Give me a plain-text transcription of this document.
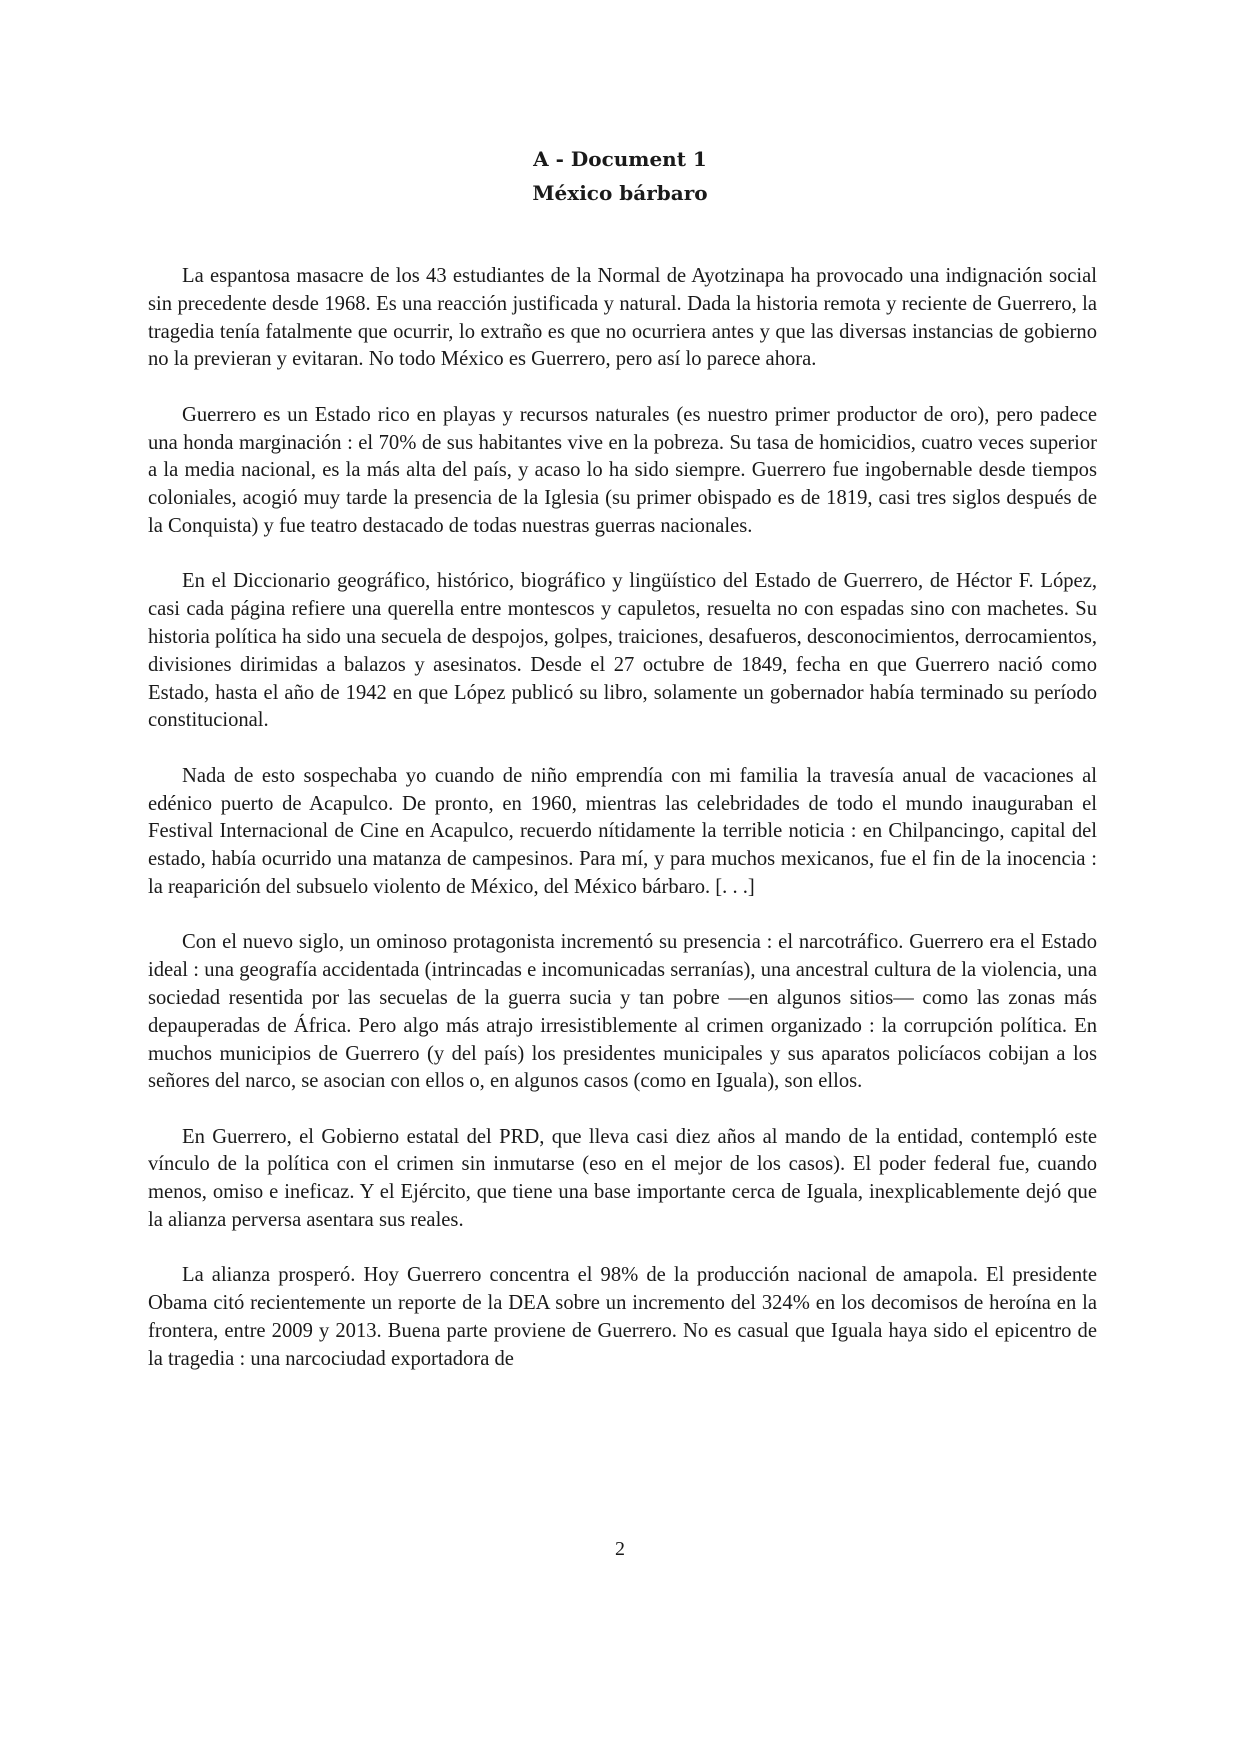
A - Document 1

México bárbaro

La espantosa masacre de los 43 estudiantes de la Normal de Ayotzinapa ha provocado una indignación social sin precedente desde 1968. Es una reacción justificada y natural. Dada la historia remota y reciente de Guerrero, la tragedia tenía fatalmente que ocurrir, lo extraño es que no ocurriera antes y que las diversas instancias de gobierno no la previeran y evitaran. No todo México es Guerrero, pero así lo parece ahora.

Guerrero es un Estado rico en playas y recursos naturales (es nuestro primer productor de oro), pero padece una honda marginación : el 70% de sus habitantes vive en la pobreza. Su tasa de homicidios, cuatro veces superior a la media nacional, es la más alta del país, y acaso lo ha sido siempre. Guerrero fue ingobernable desde tiempos coloniales, acogió muy tarde la presencia de la Iglesia (su primer obispado es de 1819, casi tres siglos después de la Conquista) y fue teatro destacado de todas nuestras guerras nacionales.

En el Diccionario geográfico, histórico, biográfico y lingüístico del Estado de Guerrero, de Héctor F. López, casi cada página refiere una querella entre montescos y capuletos, resuelta no con espadas sino con machetes. Su historia política ha sido una secuela de despojos, golpes, traiciones, desafueros, desconocimientos, derrocamientos, divisiones dirimidas a balazos y asesinatos. Desde el 27 octubre de 1849, fecha en que Guerrero nació como Estado, hasta el año de 1942 en que López publicó su libro, solamente un gobernador había terminado su período constitucional.

Nada de esto sospechaba yo cuando de niño emprendía con mi familia la travesía anual de vacaciones al edénico puerto de Acapulco. De pronto, en 1960, mientras las celebridades de todo el mundo inauguraban el Festival Internacional de Cine en Acapulco, recuerdo nítidamente la terrible noticia : en Chilpancingo, capital del estado, había ocurrido una matanza de campesinos. Para mí, y para muchos mexicanos, fue el fin de la inocencia : la reaparición del subsuelo violento de México, del México bárbaro. [. . .]

Con el nuevo siglo, un ominoso protagonista incrementó su presencia : el narcotráfico. Guerrero era el Estado ideal : una geografía accidentada (intrincadas e incomunicadas serranías), una ancestral cultura de la violencia, una sociedad resentida por las secuelas de la guerra sucia y tan pobre —en algunos sitios— como las zonas más depauperadas de África. Pero algo más atrajo irresistiblemente al crimen organizado : la corrupción política. En muchos municipios de Guerrero (y del país) los presidentes municipales y sus aparatos policíacos cobijan a los señores del narco, se asocian con ellos o, en algunos casos (como en Iguala), son ellos.

En Guerrero, el Gobierno estatal del PRD, que lleva casi diez años al mando de la entidad, contempló este vínculo de la política con el crimen sin inmutarse (eso en el mejor de los casos). El poder federal fue, cuando menos, omiso e ineficaz. Y el Ejército, que tiene una base importante cerca de Iguala, inexplicablemente dejó que la alianza perversa asentara sus reales.

La alianza prosperó. Hoy Guerrero concentra el 98% de la producción nacional de amapola. El presidente Obama citó recientemente un reporte de la DEA sobre un incremento del 324% en los decomisos de heroína en la frontera, entre 2009 y 2013. Buena parte proviene de Guerrero. No es casual que Iguala haya sido el epicentro de la tragedia : una narcociudad exportadora de

2
